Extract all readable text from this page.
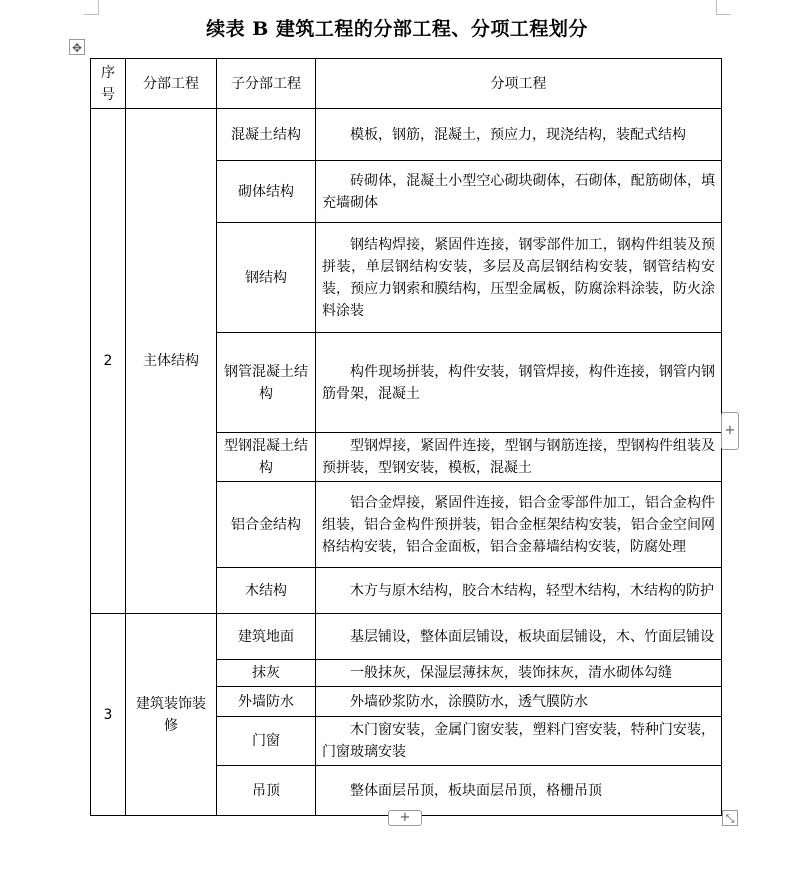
续表 B 建筑工程的分部工程、分项工程划分
✥
序号	分部工程	子分部工程	分项工程
2	主体结构	混凝土结构	模板，钢筋，混凝土，预应力，现浇结构，装配式结构
		砌体结构	砖砌体，混凝土小型空心砌块砌体，石砌体，配筋砌体，填充墙砌体
		钢结构	钢结构焊接，紧固件连接，钢零部件加工，钢构件组装及预拼装，单层钢结构安装，多层及高层钢结构安装，钢管结构安装，预应力钢索和膜结构，压型金属板，防腐涂料涂装，防火涂料涂装
		钢管混凝土结构	构件现场拼装，构件安装，钢管焊接，构件连接，钢管内钢筋骨架，混凝土
		型钢混凝土结构	型钢焊接，紧固件连接，型钢与钢筋连接，型钢构件组装及预拼装，型钢安装，模板，混凝土
		铝合金结构	铝合金焊接，紧固件连接，铝合金零部件加工，铝合金构件组装，铝合金构件预拼装，铝合金框架结构安装，铝合金空间网格结构安装，铝合金面板，铝合金幕墙结构安装，防腐处理
		木结构	木方与原木结构，胶合木结构，轻型木结构，木结构的防护
3	建筑装饰装修	建筑地面	基层铺设，整体面层铺设，板块面层铺设，木、竹面层铺设
		抹灰	一般抹灰，保湿层薄抹灰，装饰抹灰，清水砌体勾缝
		外墙防水	外墙砂浆防水，涂膜防水，透气膜防水
		门窗	木门窗安装，金属门窗安装，塑料门窖安装，特种门安装，门窗玻璃安装
		吊顶	整体面层吊顶，板块面层吊顶，格栅吊顶
+
+	⤡
